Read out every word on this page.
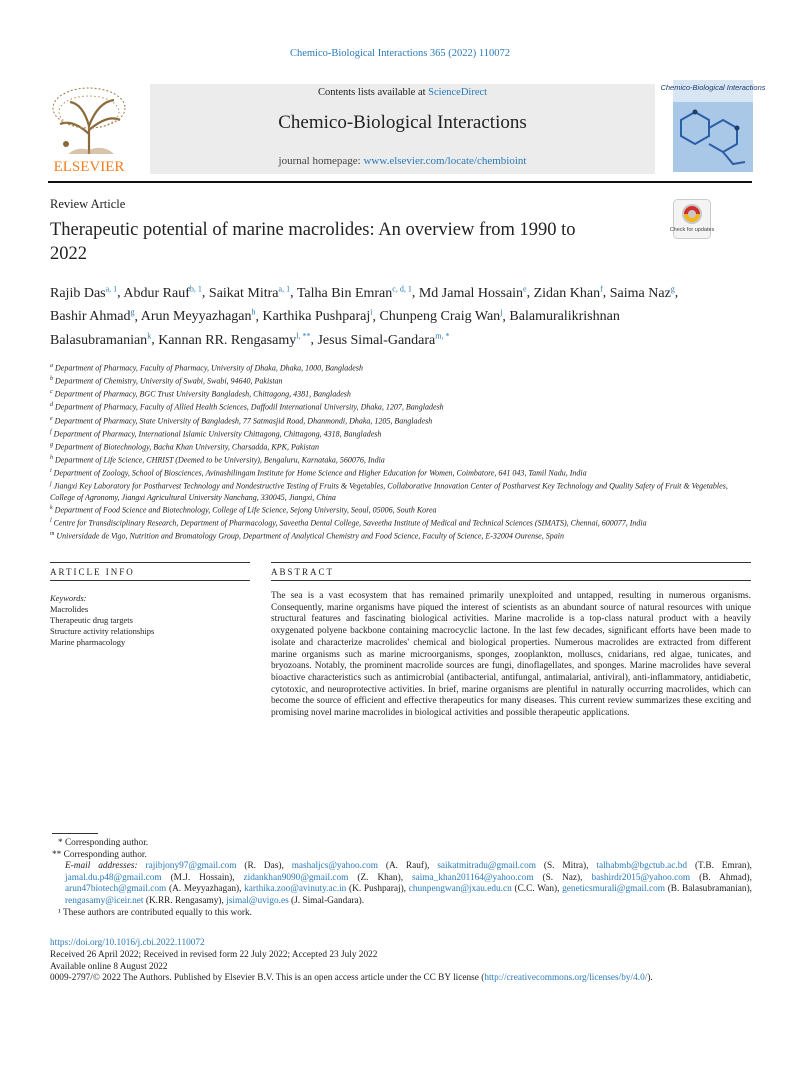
Chemico-Biological Interactions 365 (2022) 110072
ELSEVIER
Contents lists available at ScienceDirect
Chemico-Biological Interactions
journal homepage: www.elsevier.com/locate/chembioint
Chemico-Biological Interactions
Review Article
Therapeutic potential of marine macrolides: An overview from 1990 to 2022
Check for updates
Rajib Das$^{a, 1}$, Abdur Rauf$^{b, 1}$, Saikat Mitra$^{a, 1}$, Talha Bin Emran$^{c, d, 1}$, Md Jamal Hossain$^e$, Zidan Khan$^f$, Saima Naz$^g$, Bashir Ahmad$^g$, Arun Meyyazhagan$^h$, Karthika Pushparaj$^i$, Chunpeng Craig Wan$^j$, Balamuralikrishnan Balasubramanian$^k$, Kannan RR. Rengasamy$^{l, **}$, Jesus Simal-Gandara$^{m, *}$
$^a$ Department of Pharmacy, Faculty of Pharmacy, University of Dhaka, Dhaka, 1000, Bangladesh
$^b$ Department of Chemistry, University of Swabi, Swabi, 94640, Pakistan
$^c$ Department of Pharmacy, BGC Trust University Bangladesh, Chittagong, 4381, Bangladesh
$^d$ Department of Pharmacy, Faculty of Allied Health Sciences, Daffodil International University, Dhaka, 1207, Bangladesh
$^e$ Department of Pharmacy, State University of Bangladesh, 77 Satmasjid Road, Dhanmondi, Dhaka, 1205, Bangladesh
$^f$ Department of Pharmacy, International Islamic University Chittagong, Chittagong, 4318, Bangladesh
$^g$ Department of Biotechnology, Bacha Khan University, Charsadda, KPK, Pakistan
$^h$ Department of Life Science, CHRIST (Deemed to be University), Bengaluru, Karnataka, 560076, India
$^i$ Department of Zoology, School of Biosciences, Avinashilingam Institute for Home Science and Higher Education for Women, Coimbatore, 641 043, Tamil Nadu, India
$^j$ Jiangxi Key Laboratory for Postharvest Technology and Nondestructive Testing of Fruits & Vegetables, Collaborative Innovation Center of Postharvest Key Technology and Quality Safety of Fruit & Vegetables, College of Agronomy, Jiangxi Agricultural University Nanchang, 330045, Jiangxi, China
$^k$ Department of Food Science and Biotechnology, College of Life Science, Sejong University, Seoul, 05006, South Korea
$^l$ Centre for Transdisciplinary Research, Department of Pharmacology, Saveetha Dental College, Saveetha Institute of Medical and Technical Sciences (SIMATS), Chennai, 600077, India
$^m$ Universidade de Vigo, Nutrition and Bromatology Group, Department of Analytical Chemistry and Food Science, Faculty of Science, E-32004 Ourense, Spain
ARTICLE INFO	ABSTRACT
Keywords:
Macrolides
Therapeutic drug targets
Structure activity relationships
Marine pharmacology
The sea is a vast ecosystem that has remained primarily unexploited and untapped, resulting in numerous organisms. Consequently, marine organisms have piqued the interest of scientists as an abundant source of natural resources with unique structural features and fascinating biological activities. Marine macrolide is a top-class natural product with a heavily oxygenated polyene backbone containing macrocyclic lactone. In the last few decades, significant efforts have been made to isolate and characterize macrolides' chemical and biological properties. Numerous macrolides are extracted from different marine organisms such as marine microorganisms, sponges, zooplankton, molluscs, cnidarians, red algae, tunicates, and bryozoans. Notably, the prominent macrolide sources are fungi, dinoflagellates, and sponges. Marine macrolides have several bioactive characteristics such as antimicrobial (antibacterial, antifungal, antimalarial, antiviral), anti-inflammatory, antidiabetic, cytotoxic, and neuroprotective activities. In brief, marine organisms are plentiful in naturally occurring macrolides, which can become the source of efficient and effective therapeutics for many diseases. This current review summarizes these exciting and promising novel marine macrolides in biological activities and possible therapeutic applications.
* Corresponding author.
** Corresponding author.
E-mail addresses: rajibjony97@gmail.com (R. Das), mashaljcs@yahoo.com (A. Rauf), saikatmitradu@gmail.com (S. Mitra), talhabmb@bgctub.ac.bd (T.B. Emran), jamal.du.p48@gmail.com (M.J. Hossain), zidankhan9090@gmail.com (Z. Khan), saima_khan201164@yahoo.com (S. Naz), bashirdr2015@yahoo.com (B. Ahmad), arun47biotech@gmail.com (A. Meyyazhagan), karthika.zoo@avinuty.ac.in (K. Pushparaj), chunpengwan@jxau.edu.cn (C.C. Wan), geneticsmurali@gmail.com (B. Balasubramanian), rengasamy@iceir.net (K.RR. Rengasamy), jsimal@uvigo.es (J. Simal-Gandara).
¹ These authors are contributed equally to this work.
https://doi.org/10.1016/j.cbi.2022.110072
Received 26 April 2022; Received in revised form 22 July 2022; Accepted 23 July 2022
Available online 8 August 2022
0009-2797/© 2022 The Authors. Published by Elsevier B.V. This is an open access article under the CC BY license (http://creativecommons.org/licenses/by/4.0/).
